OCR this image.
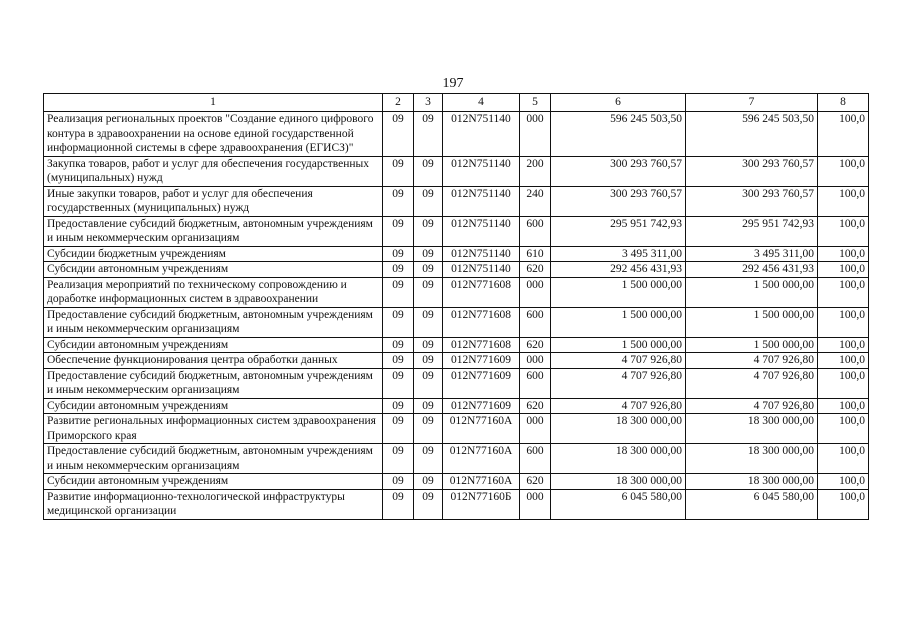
197
1	2	3	4	5	6	7	8
Реализация региональных проектов "Создание единого цифрового контура в здравоохранении на основе единой государственной информационной системы в сфере здравоохранения (ЕГИСЗ)"	09	09	012N751140	000	596 245 503,50	596 245 503,50	100,0
Закупка товаров, работ и услуг для обеспечения государственных (муниципальных) нужд	09	09	012N751140	200	300 293 760,57	300 293 760,57	100,0
Иные закупки товаров, работ и услуг для обеспечения государственных (муниципальных) нужд	09	09	012N751140	240	300 293 760,57	300 293 760,57	100,0
Предоставление субсидий бюджетным, автономным учреждениям и иным некоммерческим организациям	09	09	012N751140	600	295 951 742,93	295 951 742,93	100,0
Субсидии бюджетным учреждениям	09	09	012N751140	610	3 495 311,00	3 495 311,00	100,0
Субсидии автономным учреждениям	09	09	012N751140	620	292 456 431,93	292 456 431,93	100,0
Реализация мероприятий по техническому сопровождению и доработке информационных систем в здравоохранении	09	09	012N771608	000	1 500 000,00	1 500 000,00	100,0
Предоставление субсидий бюджетным, автономным учреждениям и иным некоммерческим организациям	09	09	012N771608	600	1 500 000,00	1 500 000,00	100,0
Субсидии автономным учреждениям	09	09	012N771608	620	1 500 000,00	1 500 000,00	100,0
Обеспечение функционирования центра обработки данных	09	09	012N771609	000	4 707 926,80	4 707 926,80	100,0
Предоставление субсидий бюджетным, автономным учреждениям и иным некоммерческим организациям	09	09	012N771609	600	4 707 926,80	4 707 926,80	100,0
Субсидии автономным учреждениям	09	09	012N771609	620	4 707 926,80	4 707 926,80	100,0
Развитие региональных информационных систем здравоохранения Приморского края	09	09	012N77160A	000	18 300 000,00	18 300 000,00	100,0
Предоставление субсидий бюджетным, автономным учреждениям и иным некоммерческим организациям	09	09	012N77160A	600	18 300 000,00	18 300 000,00	100,0
Субсидии автономным учреждениям	09	09	012N77160A	620	18 300 000,00	18 300 000,00	100,0
Развитие информационно-технологической инфраструктуры медицинской организации	09	09	012N77160Б	000	6 045 580,00	6 045 580,00	100,0
